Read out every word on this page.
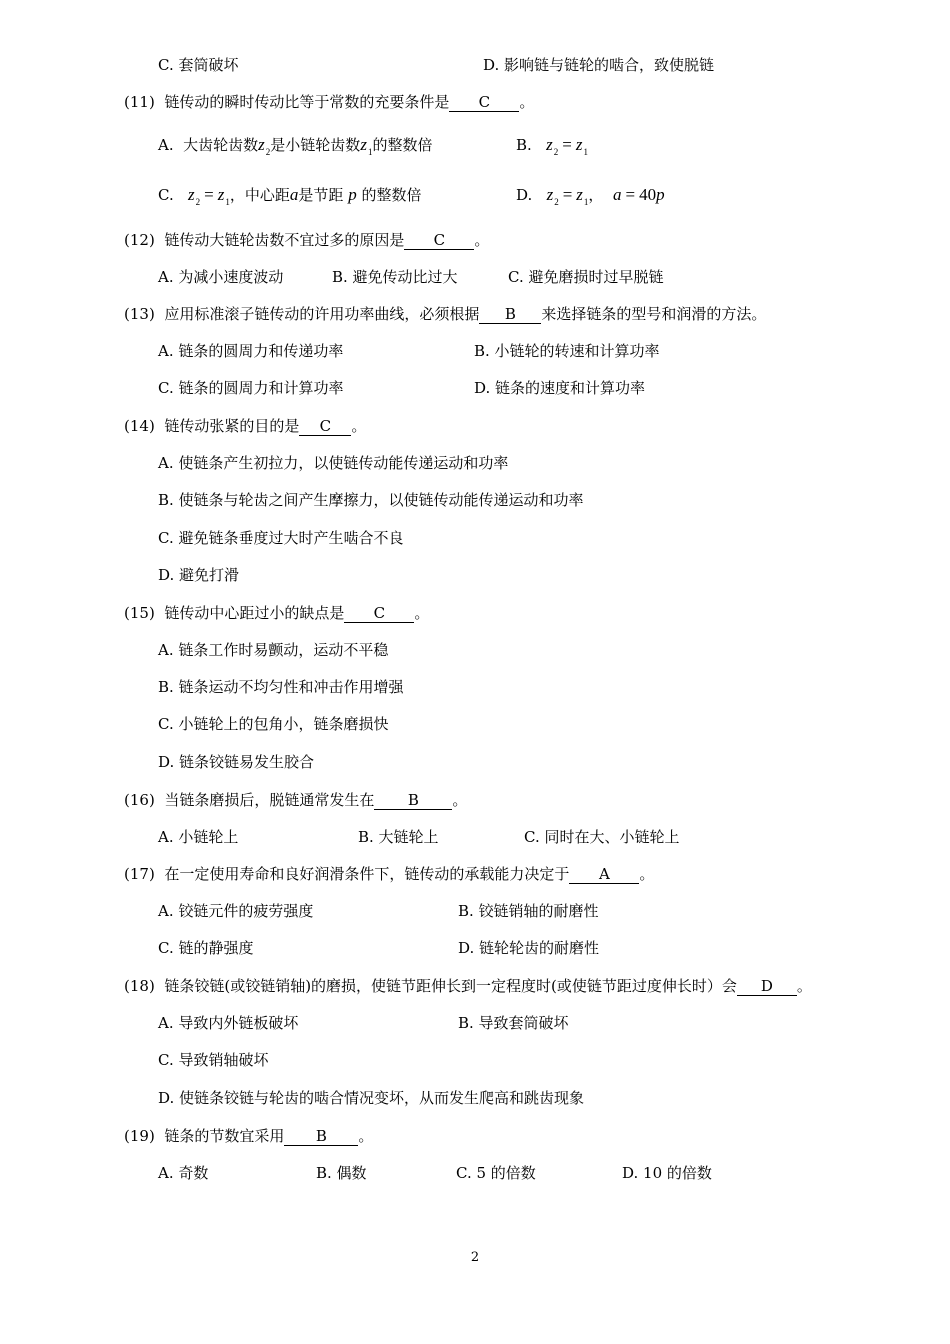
C. 套筒破坏	D. 影响链与链轮的啮合，致使脱链
(11) 链传动的瞬时传动比等于常数的充要条件是 C 。
A. 大齿轮齿数$z_2$是小链轮齿数$z_1$的整数倍	B. $z_2 = z_1$
C. $z_2 = z_1$，中心距a是节距 p 的整数倍	D. $z_2 = z_1$， a = 40p
(12) 链传动大链轮齿数不宜过多的原因是 C 。
A. 为减小速度波动	B. 避免传动比过大	C. 避免磨损时过早脱链
(13) 应用标准滚子链传动的许用功率曲线，必须根据 B 来选择链条的型号和润滑的方法。
A. 链条的圆周力和传递功率	B. 小链轮的转速和计算功率
C. 链条的圆周力和计算功率	D. 链条的速度和计算功率
(14) 链传动张紧的目的是 C 。
A. 使链条产生初拉力，以使链传动能传递运动和功率
B. 使链条与轮齿之间产生摩擦力，以使链传动能传递运动和功率
C. 避免链条垂度过大时产生啮合不良
D. 避免打滑
(15) 链传动中心距过小的缺点是 C 。
A. 链条工作时易颤动，运动不平稳
B. 链条运动不均匀性和冲击作用增强
C. 小链轮上的包角小，链条磨损快
D. 链条铰链易发生胶合
(16) 当链条磨损后，脱链通常发生在 B 。
A. 小链轮上	B. 大链轮上	C. 同时在大、小链轮上
(17) 在一定使用寿命和良好润滑条件下，链传动的承载能力决定于 A 。
A. 铰链元件的疲劳强度	B. 铰链销轴的耐磨性
C. 链的静强度	D. 链轮轮齿的耐磨性
(18) 链条铰链(或铰链销轴)的磨损，使链节距伸长到一定程度时(或使链节距过度伸长时）会 D 。
A. 导致内外链板破坏	B. 导致套筒破坏
C. 导致销轴破坏
D. 使链条铰链与轮齿的啮合情况变坏，从而发生爬高和跳齿现象
(19) 链条的节数宜采用 B 。
A. 奇数	B. 偶数	C. 5 的倍数	D. 10 的倍数
2
